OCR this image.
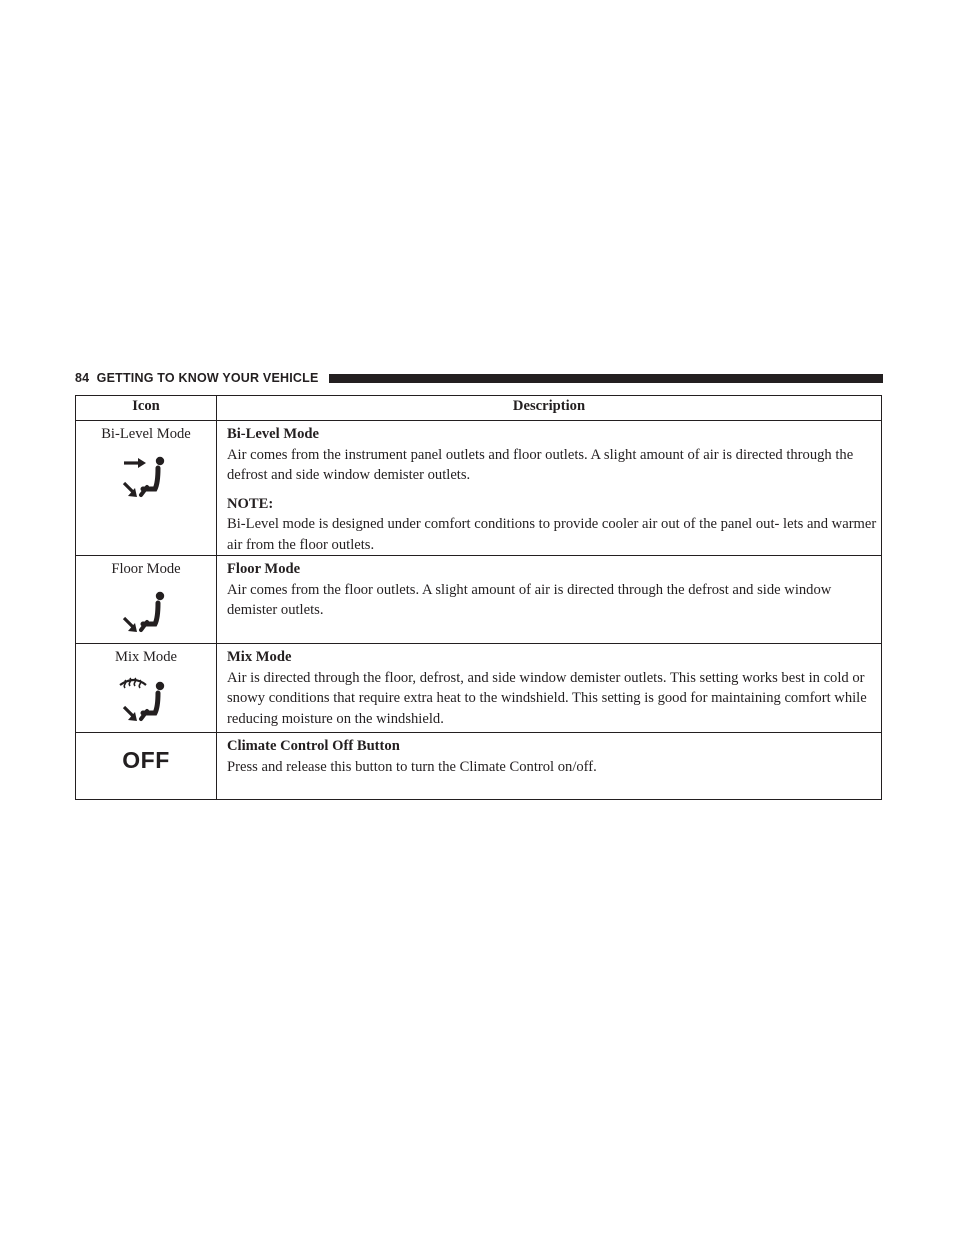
84 GETTING TO KNOW YOUR VEHICLE
Icon	Description

Bi-Level Mode	Bi-Level Mode
Air comes from the instrument panel outlets and floor outlets. A slight amount of air is directed through the defrost and side window demister outlets.
NOTE:
Bi-Level mode is designed under comfort conditions to provide cooler air out of the panel out- lets and warmer air from the floor outlets.

Floor Mode	Floor Mode
Air comes from the floor outlets. A slight amount of air is directed through the defrost and side window demister outlets.

Mix Mode	Mix Mode
Air is directed through the floor, defrost, and side window demister outlets. This setting works best in cold or snowy conditions that require extra heat to the windshield. This setting is good for maintaining comfort while reducing moisture on the windshield.

OFF	Climate Control Off Button
Press and release this button to turn the Climate Control on/off.
